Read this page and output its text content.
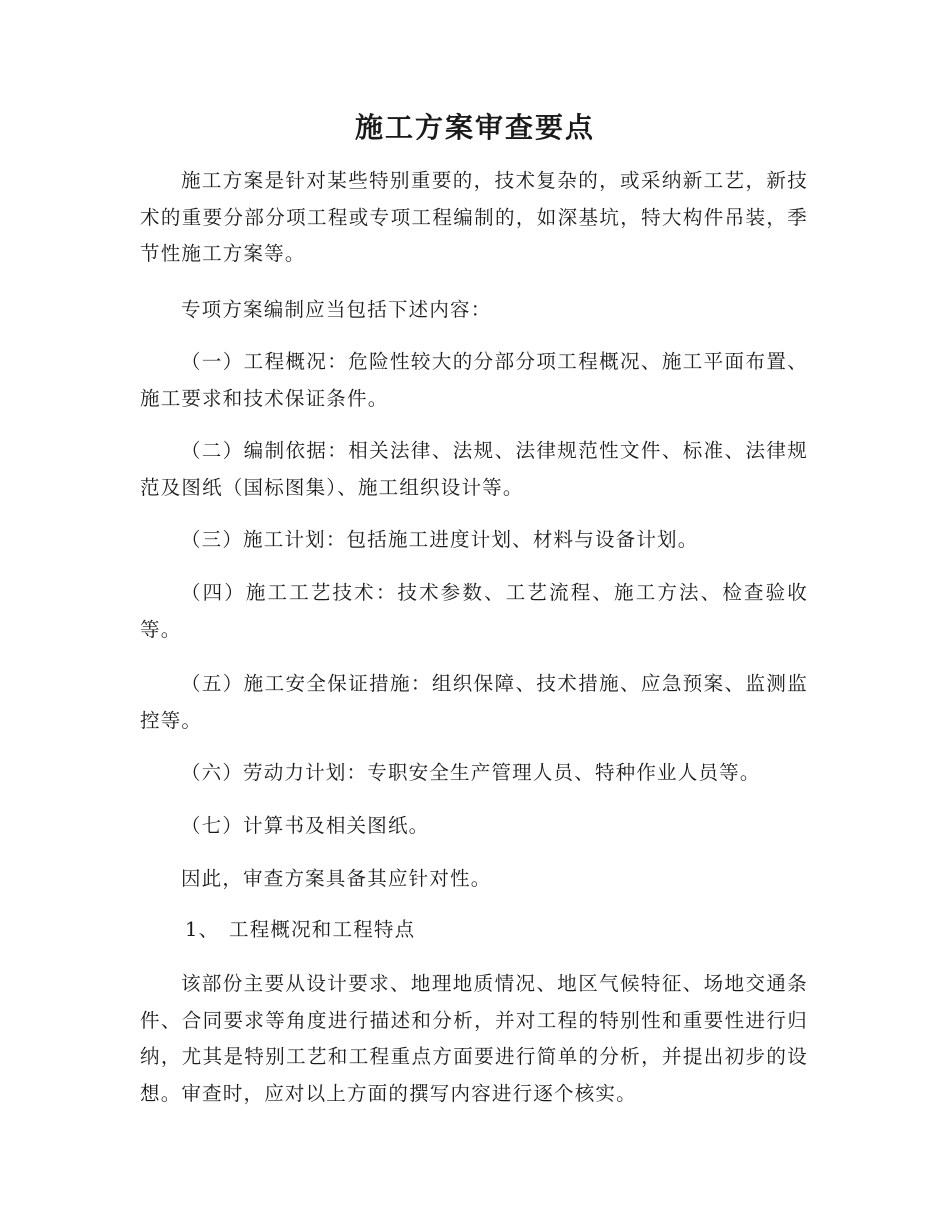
施工方案审查要点
施工方案是针对某些特别重要的，技术复杂的，或采纳新工艺，新技术的重要分部分项工程或专项工程编制的，如深基坑，特大构件吊装，季节性施工方案等。
专项方案编制应当包括下述内容：
（一）工程概况：危险性较大的分部分项工程概况、施工平面布置、施工要求和技术保证条件。
（二）编制依据：相关法律、法规、法律规范性文件、标准、法律规范及图纸（国标图集）、施工组织设计等。
（三）施工计划：包括施工进度计划、材料与设备计划。
（四）施工工艺技术：技术参数、工艺流程、施工方法、检查验收等。
（五）施工安全保证措施：组织保障、技术措施、应急预案、监测监控等。
（六）劳动力计划：专职安全生产管理人员、特种作业人员等。
（七）计算书及相关图纸。
因此，审查方案具备其应针对性。
1、 工程概况和工程特点
该部份主要从设计要求、地理地质情况、地区气候特征、场地交通条件、合同要求等角度进行描述和分析，并对工程的特别性和重要性进行归纳，尤其是特别工艺和工程重点方面要进行简单的分析，并提出初步的设想。审查时，应对以上方面的撰写内容进行逐个核实。
